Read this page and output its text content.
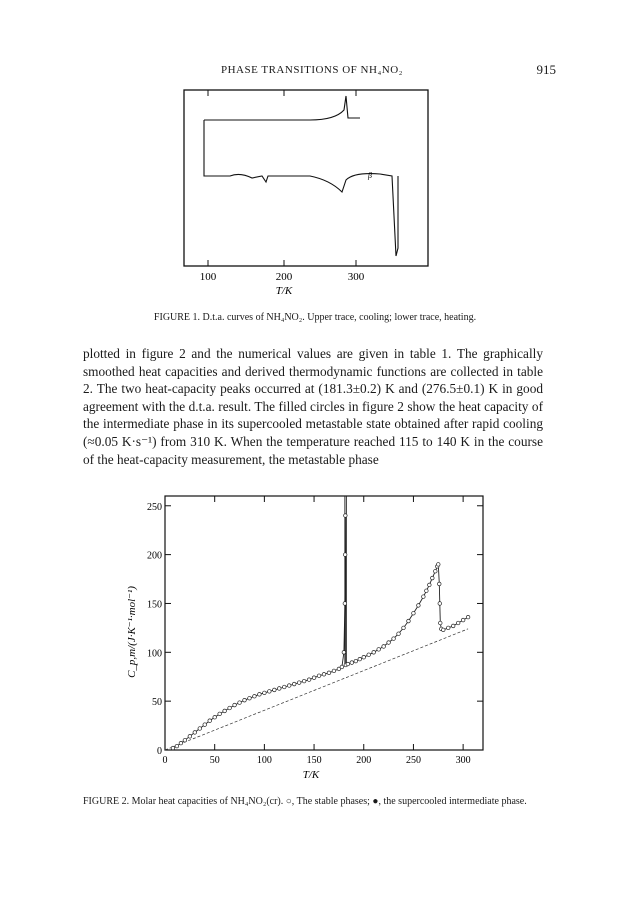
PHASE TRANSITIONS OF NH₄NO₂	915
β
100	200	300
T/K
FIGURE 1. D.t.a. curves of NH₄NO₂. Upper trace, cooling; lower trace, heating.

plotted in figure 2 and the numerical values are given in table 1. The graphically smoothed heat capacities and derived thermodynamic functions are collected in table 2. The two heat-capacity peaks occurred at (181.3±0.2) K and (276.5±0.1) K in good agreement with the d.t.a. result. The filled circles in figure 2 show the heat capacity of the intermediate phase in its supercooled metastable state obtained after rapid cooling (≈0.05 K·s⁻¹) from 310 K. When the temperature reached 115 to 140 K in the course of the heat-capacity measurement, the metastable phase

C_p,m/(J·K⁻¹·mol⁻¹)
T/K
0	50	100	150	200	250	300
0
50
100
150
200
250
FIGURE 2. Molar heat capacities of NH₄NO₂(cr). ○, The stable phases; ●, the supercooled intermediate phase.
